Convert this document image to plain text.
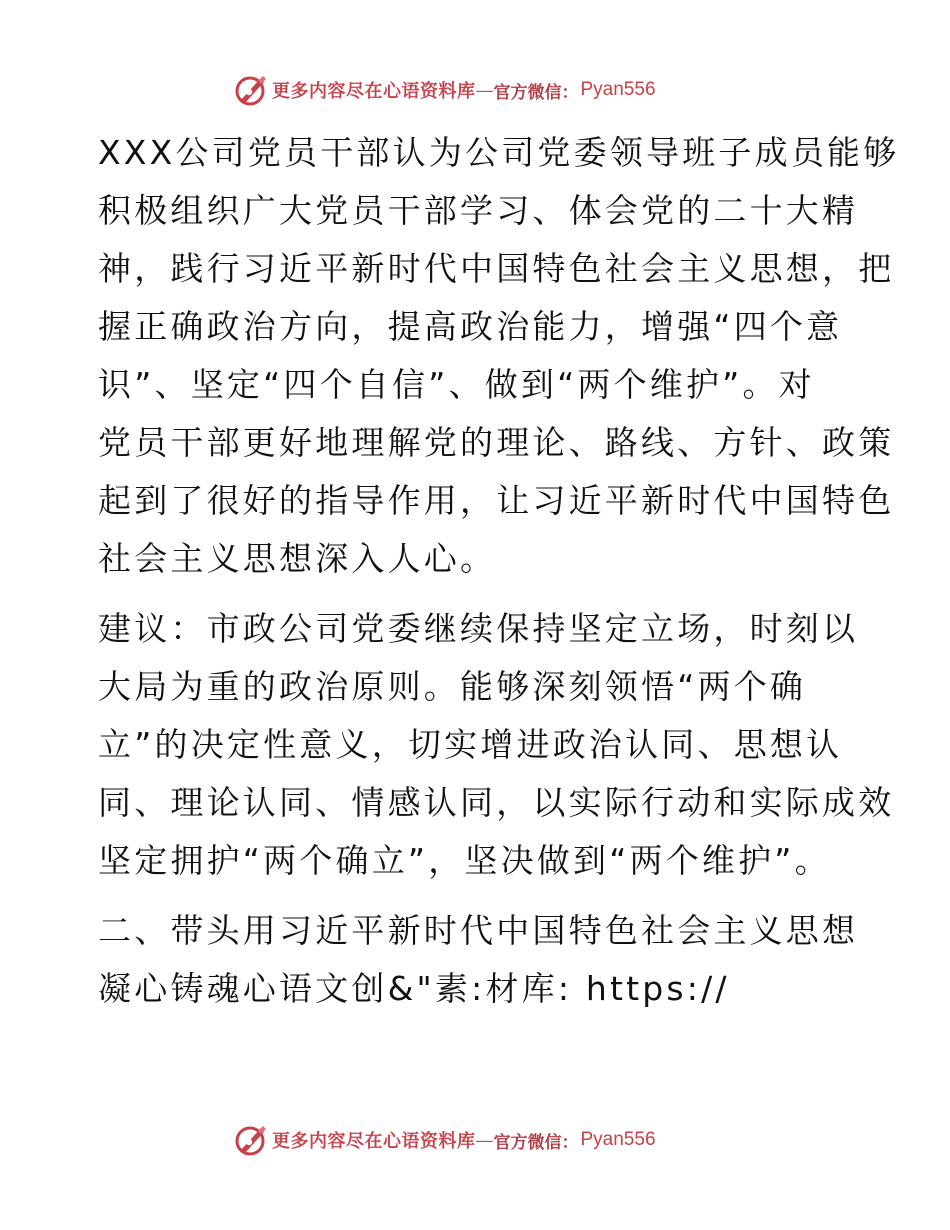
更多内容尽在心语资料库 — 官方微信： Pyan556

XXX公司党员干部认为公司党委领导班子成员能够
积极组织广大党员干部学习、体会党的二十大精
神，践行习近平新时代中国特色社会主义思想，把
握正确政治方向，提高政治能力，增强“四个意
识”、坚定“四个自信”、做到“两个维护”。对
党员干部更好地理解党的理论、路线、方针、政策
起到了很好的指导作用，让习近平新时代中国特色
社会主义思想深入人心。

建议：市政公司党委继续保持坚定立场，时刻以
大局为重的政治原则。能够深刻领悟“两个确
立”的决定性意义，切实增进政治认同、思想认
同、理论认同、情感认同，以实际行动和实际成效
坚定拥护“两个确立”，坚决做到“两个维护”。

二、带头用习近平新时代中国特色社会主义思想
凝心铸魂心语文创&"素:材库: https://

更多内容尽在心语资料库 — 官方微信： Pyan556
